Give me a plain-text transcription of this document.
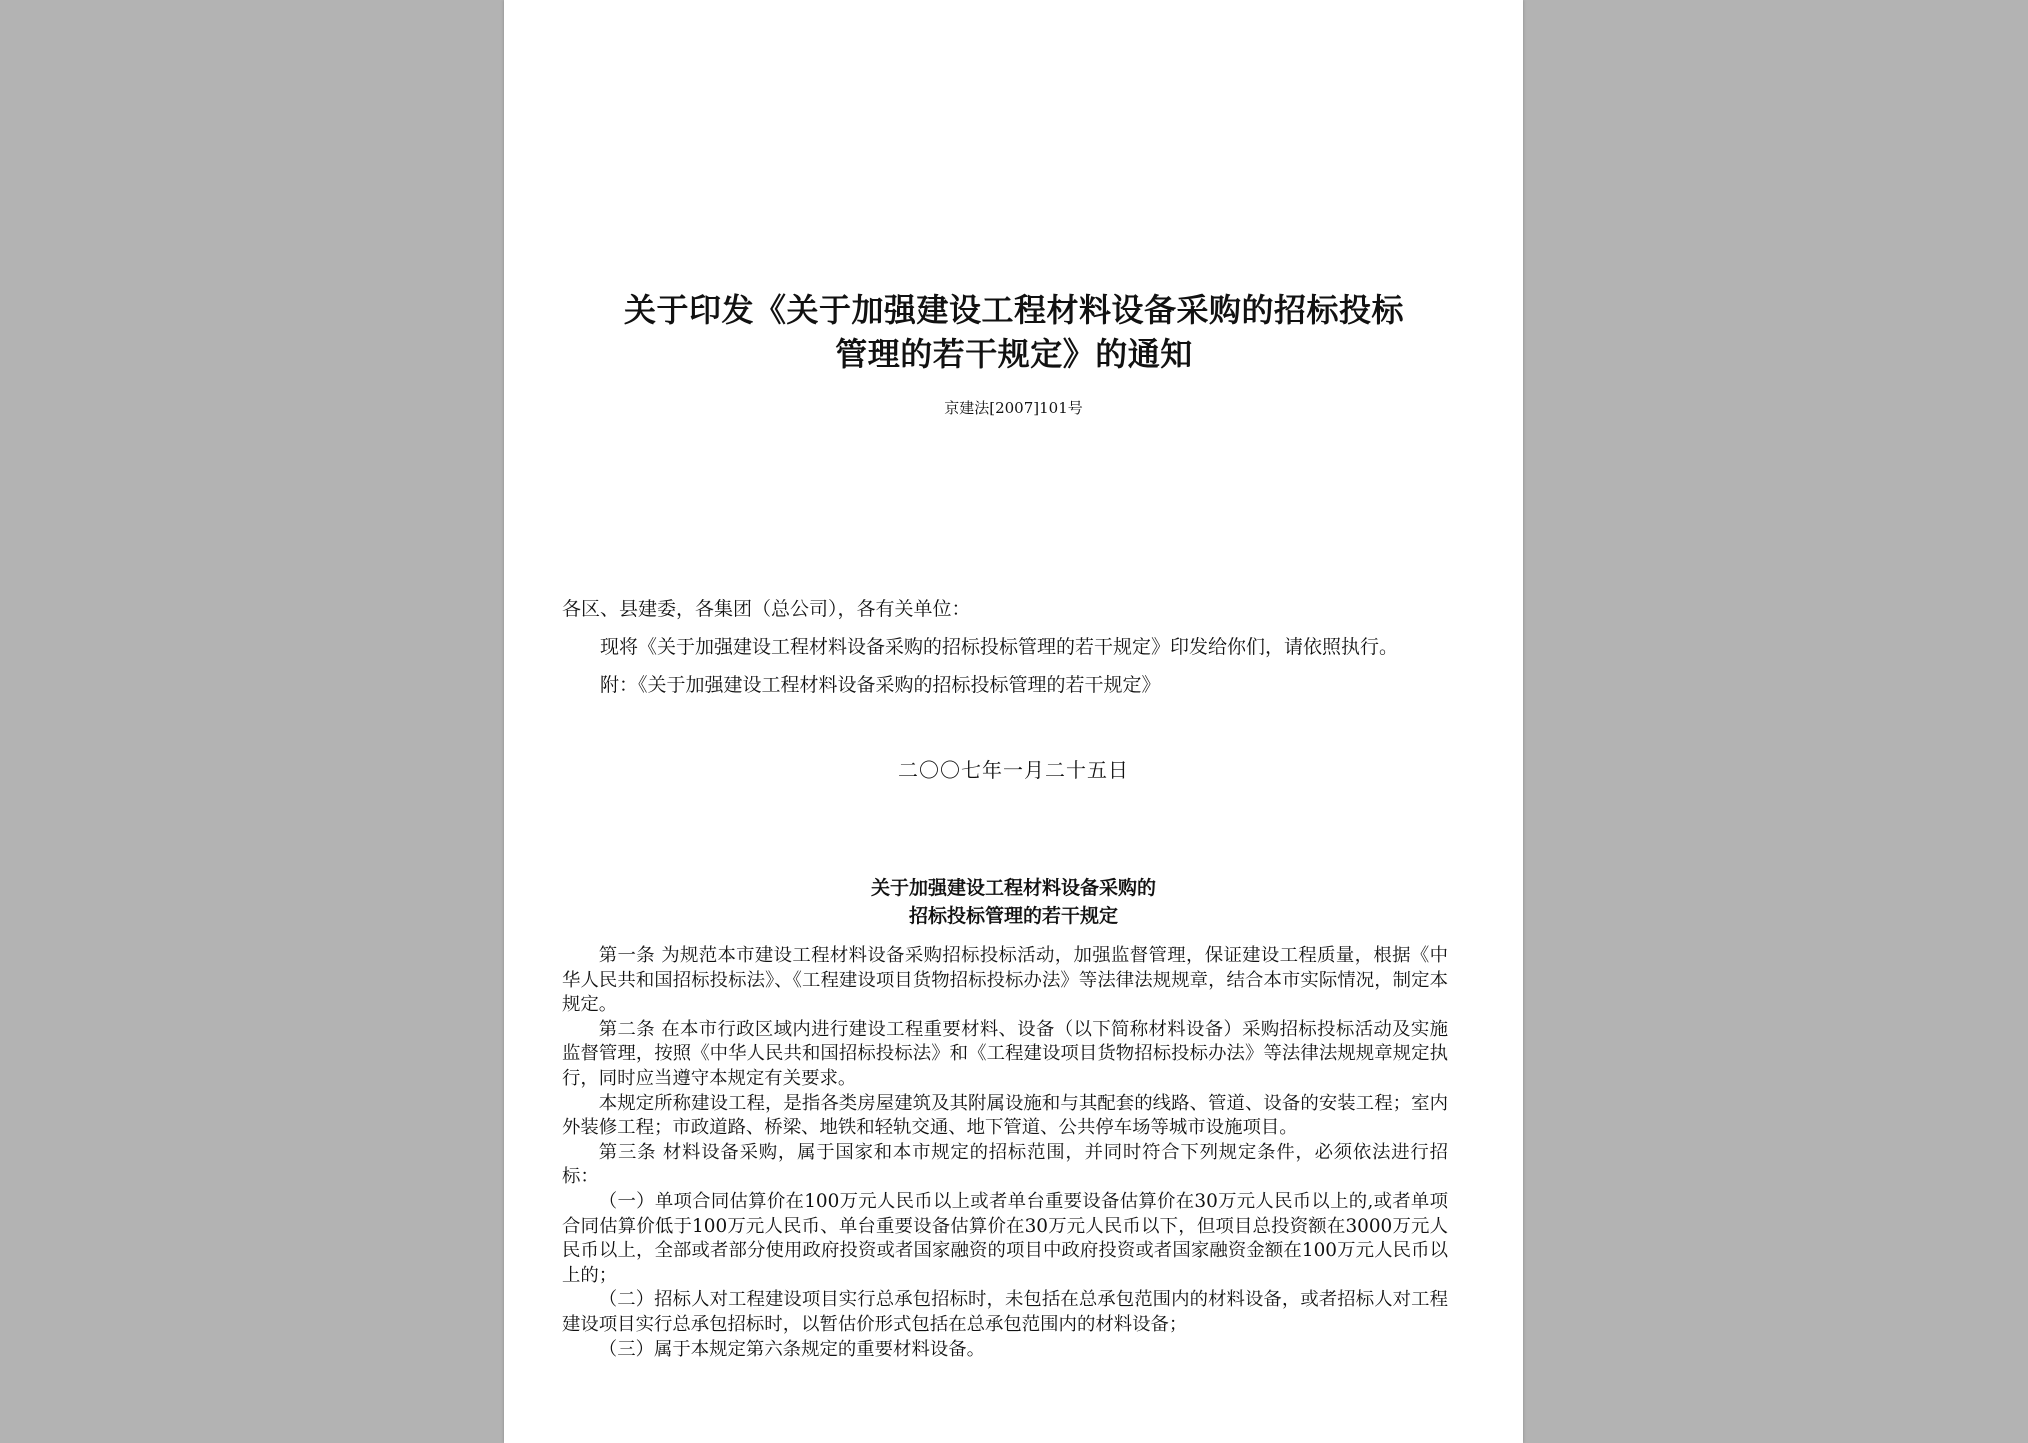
关于印发《关于加强建设工程材料设备采购的招标投标
管理的若干规定》的通知
京建法[2007]101号

各区、县建委，各集团（总公司），各有关单位：

现将《关于加强建设工程材料设备采购的招标投标管理的若干规定》印发给你们，请依照执行。

附：《关于加强建设工程材料设备采购的招标投标管理的若干规定》

二〇〇七年一月二十五日
关于加强建设工程材料设备采购的
招标投标管理的若干规定

第一条 为规范本市建设工程材料设备采购招标投标活动，加强监督管理，保证建设工程质量，根据《中华人民共和国招标投标法》、《工程建设项目货物招标投标办法》等法律法规规章，结合本市实际情况，制定本规定。

第二条 在本市行政区域内进行建设工程重要材料、设备（以下简称材料设备）采购招标投标活动及实施监督管理，按照《中华人民共和国招标投标法》和《工程建设项目货物招标投标办法》等法律法规规章规定执行，同时应当遵守本规定有关要求。

本规定所称建设工程，是指各类房屋建筑及其附属设施和与其配套的线路、管道、设备的安装工程；室内外装修工程；市政道路、桥梁、地铁和轻轨交通、地下管道、公共停车场等城市设施项目。

第三条 材料设备采购，属于国家和本市规定的招标范围，并同时符合下列规定条件，必须依法进行招标：

（一）单项合同估算价在100万元人民币以上或者单台重要设备估算价在30万元人民币以上的,或者单项合同估算价低于100万元人民币、单台重要设备估算价在30万元人民币以下，但项目总投资额在3000万元人民币以上，全部或者部分使用政府投资或者国家融资的项目中政府投资或者国家融资金额在100万元人民币以上的；

（二）招标人对工程建设项目实行总承包招标时，未包括在总承包范围内的材料设备，或者招标人对工程建设项目实行总承包招标时，以暂估价形式包括在总承包范围内的材料设备；

（三）属于本规定第六条规定的重要材料设备。
